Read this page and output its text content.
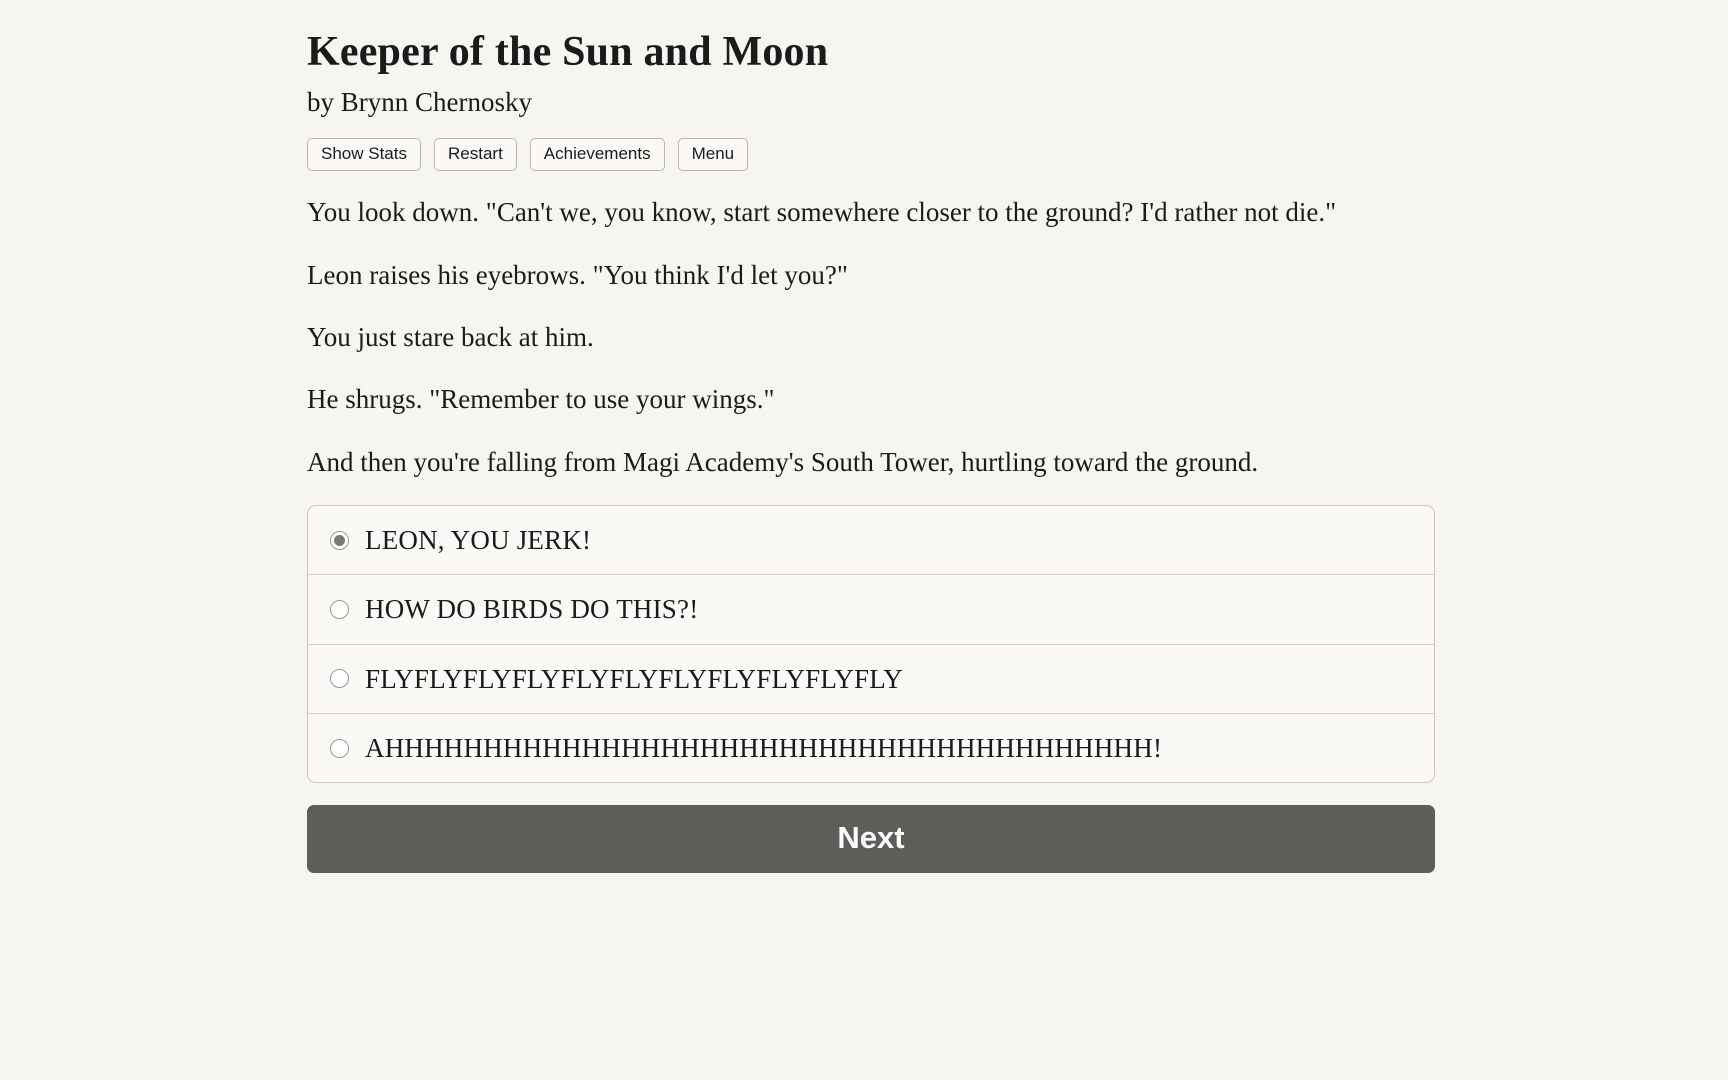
Keeper of the Sun and Moon
by Brynn Chernosky
Show Stats	Restart	Achievements	Menu

You look down. "Can't we, you know, start somewhere closer to the ground? I'd rather not die."

Leon raises his eyebrows. "You think I'd let you?"

You just stare back at him.

He shrugs. "Remember to use your wings."

And then you're falling from Magi Academy's South Tower, hurtling toward the ground.

LEON, YOU JERK!
HOW DO BIRDS DO THIS?!
FLYFLYFLYFLYFLYFLYFLYFLYFLYFLYFLY
AHHHHHHHHHHHHHHHHHHHHHHHHHHHHHHHHHHHHHHH!
Next
